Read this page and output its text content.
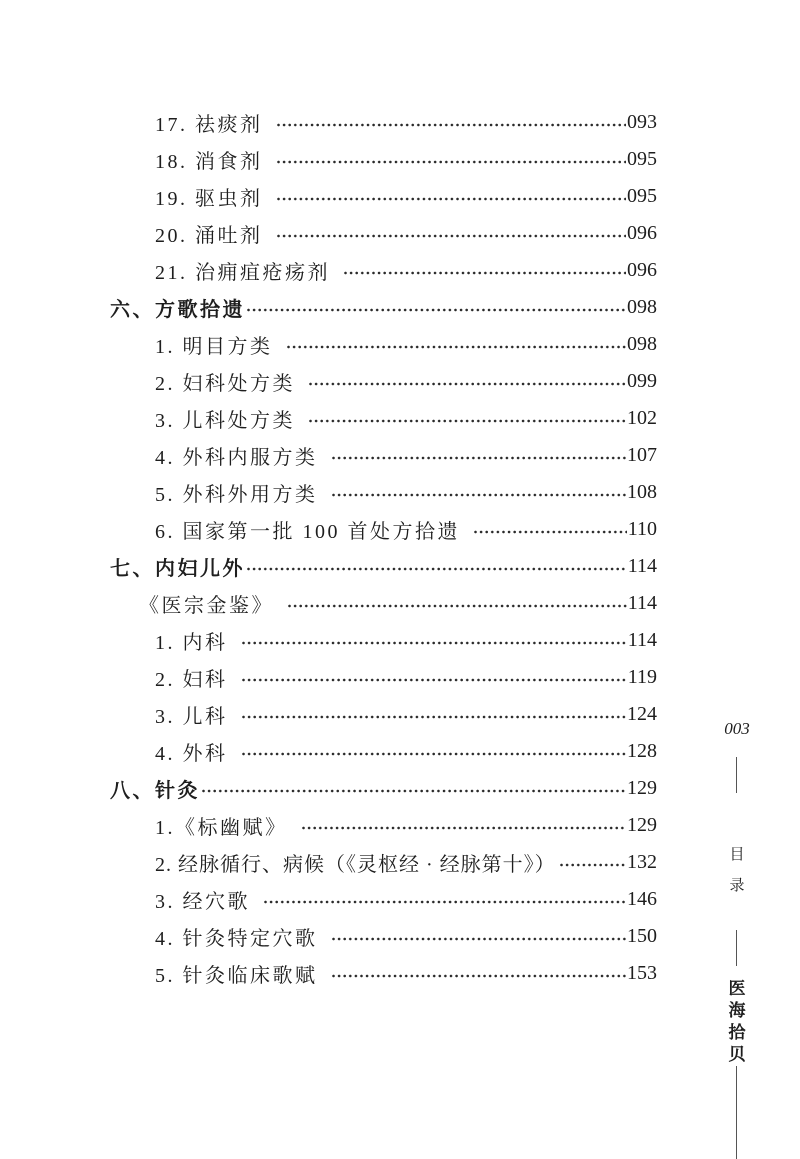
17. 祛痰剂	093
18. 消食剂	095
19. 驱虫剂	095
20. 涌吐剂	096
21. 治痈疽疮疡剂	096
六、方歌拾遗	098
1. 明目方类	098
2. 妇科处方类	099
3. 儿科处方类	102
4. 外科内服方类	107
5. 外科外用方类	108
6. 国家第一批 100 首处方拾遗	110
七、内妇儿外	114
《医宗金鉴》	114
1. 内科	114
2. 妇科	119
3. 儿科	124
4. 外科	128
八、针灸	129
1.《标幽赋》	129
2. 经脉循行、病候（《灵枢经 · 经脉第十》）	132
3. 经穴歌	146
4. 针灸特定穴歌	150
5. 针灸临床歌赋	153
003
目
录
医
海
拾
贝
